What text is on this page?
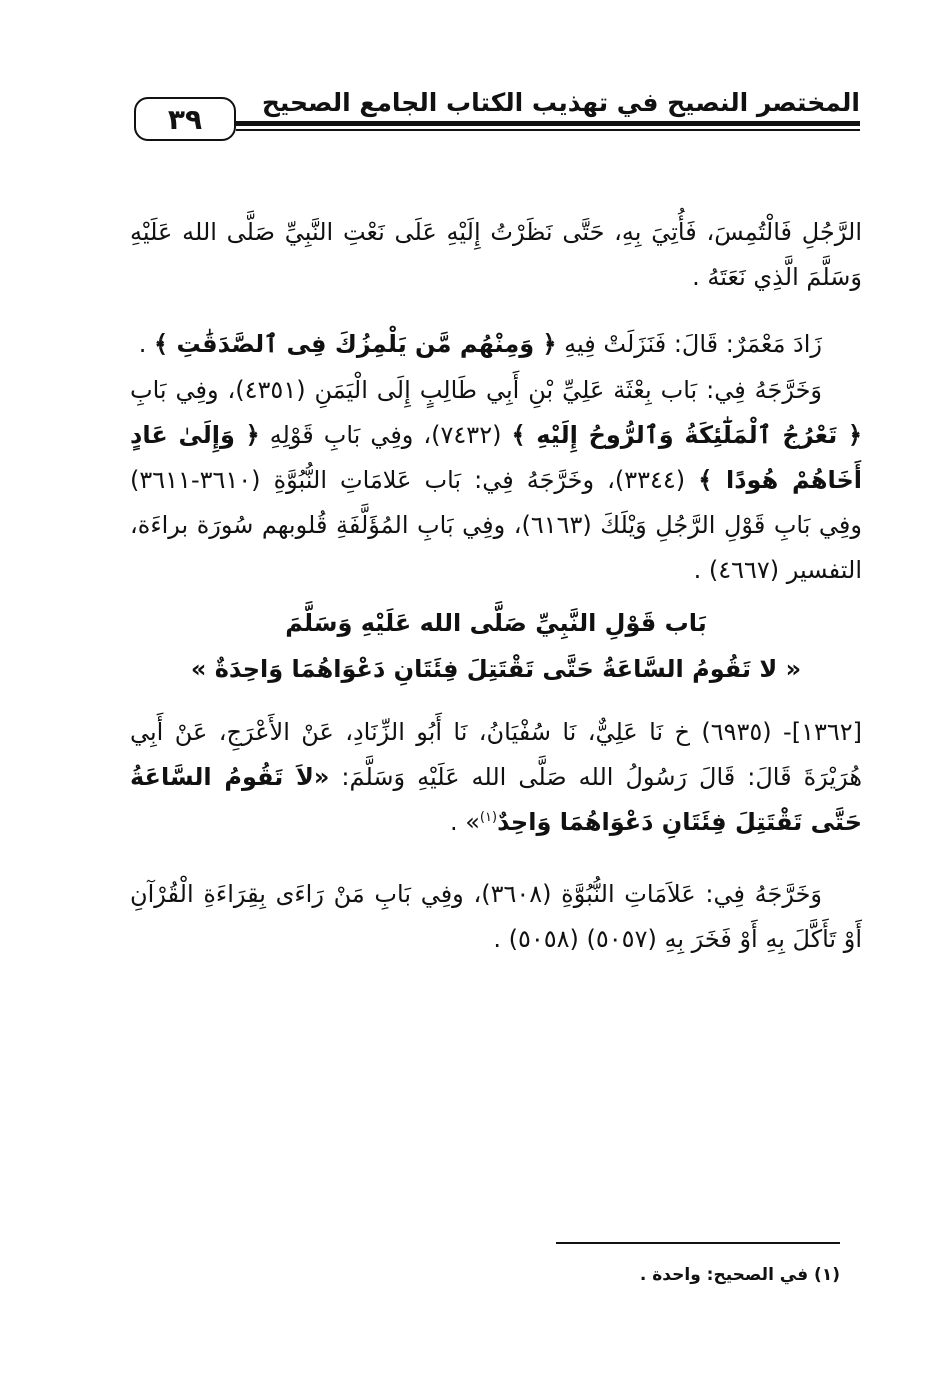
المختصر النصيح في تهذيب الكتاب الجامع الصحيح
٣٩
الرَّجُلِ فَالْتُمِسَ، فَأُتِيَ بِهِ، حَتَّى نَظَرْتُ إِلَيْهِ عَلَى نَعْتِ النَّبِيِّ صَلَّى الله عَلَيْهِ وَسَلَّمَ الَّذِي نَعَتَهُ .
زَادَ مَعْمَرٌ: قَالَ: فَنَزَلَتْ فِيهِ ﴿ وَمِنْهُم مَّن يَلْمِزُكَ فِى ٱلصَّدَقَٰتِ ﴾ .
وَخَرَّجَهُ فِي: بَاب بِعْثَة عَلِيِّ بْنِ أَبِي طَالِبٍ إِلَى الْيَمَنِ (٤٣٥١)، وفِي بَابِ ﴿ تَعْرُجُ ٱلْمَلَٰٓئِكَةُ وَٱلرُّوحُ إِلَيْهِ ﴾ (٧٤٣٢)، وفِي بَابِ قَوْلِهِ ﴿ وَإِلَىٰ عَادٍ أَخَاهُمْ هُودًا ﴾ (٣٣٤٤)، وخَرَّجَهُ فِي: بَاب عَلامَاتِ النُّبُوَّةِ (٣٦١٠-٣٦١١) وفِي بَابِ قَوْلِ الرَّجُلِ وَيْلَكَ (٦١٦٣)، وفِي بَابِ المُؤَلَّفَةِ قُلوبهم سُورَة براءَة، التفسير (٤٦٦٧) .
بَاب قَوْلِ النَّبِيِّ صَلَّى الله عَلَيْهِ وَسَلَّمَ
« لا تَقُومُ السَّاعَةُ حَتَّى تَقْتَتِلَ فِئَتَانِ دَعْوَاهُمَا وَاحِدَةٌ »
[١٣٦٢]- (٦٩٣٥) خ نَا عَلِيٌّ، نَا سُفْيَانُ، نَا أَبُو الزِّنَادِ، عَنْ الأَعْرَجِ، عَنْ أَبِي هُرَيْرَةَ قَالَ: قَالَ رَسُولُ الله صَلَّى الله عَلَيْهِ وَسَلَّمَ: «لاَ تَقُومُ السَّاعَةُ حَتَّى تَقْتَتِلَ فِئَتَانِ دَعْوَاهُمَا وَاحِدٌ$^{(١)}$» .
وَخَرَّجَهُ فِي: عَلاَمَاتِ النُّبُوَّةِ (٣٦٠٨)، وفِي بَابِ مَنْ رَاءَى بِقِرَاءَةِ الْقُرْآنِ أَوْ تَأَكَّلَ بِهِ أَوْ فَخَرَ بِهِ (٥٠٥٧) (٥٠٥٨) .
(١) في الصحيح: واحدة .
